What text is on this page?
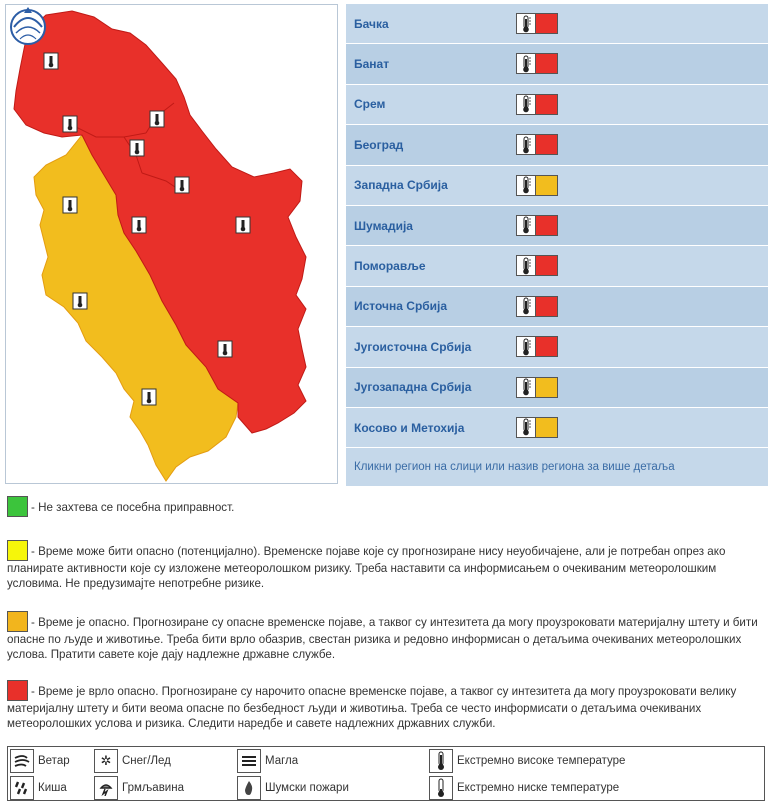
Бачка
Банат
Срем
Београд
Западна Србија
Шумадија
Поморавље
Источна Србија
Југоисточна Србија
Југозападна Србија
Косово и Метохија
Кликни регион на слици или назив региона за више детаља
- Не захтева се посебна приправност.
- Време може бити опасно (потенцијално). Временске појаве које су прогнозиране нису неуобичајене, али је потребан опрез ако планирате активности које су изложене метеоролошком ризику. Треба наставити са информисањем о очекиваним метеоролошким условима. Не предузимајте непотребне ризике.
- Време је опасно. Прогнозиране су опасне временске појаве, а таквог су интезитета да могу проузроковати материјалну штету и бити опасне по људе и животиње. Треба бити врло обазрив, свестан ризика и редовно информисан о детаљима очекиваних метеоролошких услова. Пратити савете које дају надлежне државне службе.
- Време је врло опасно. Прогнозиране су нарочито опасне временске појаве, а таквог су интезитетa да могу проузроковати велику материјалну штету и бити веома опасне по безбедност људи и животиња. Треба се често информисати о детаљима очекиваних метеоролошких услова и ризика. Следити наредбе и савете надлежних државних служби.
Ветар
Киша
✲ Снег/Лед
Грмљавина
Магла
Шумски пожари
Екстремно високе температуре
Екстремно ниске температуре
